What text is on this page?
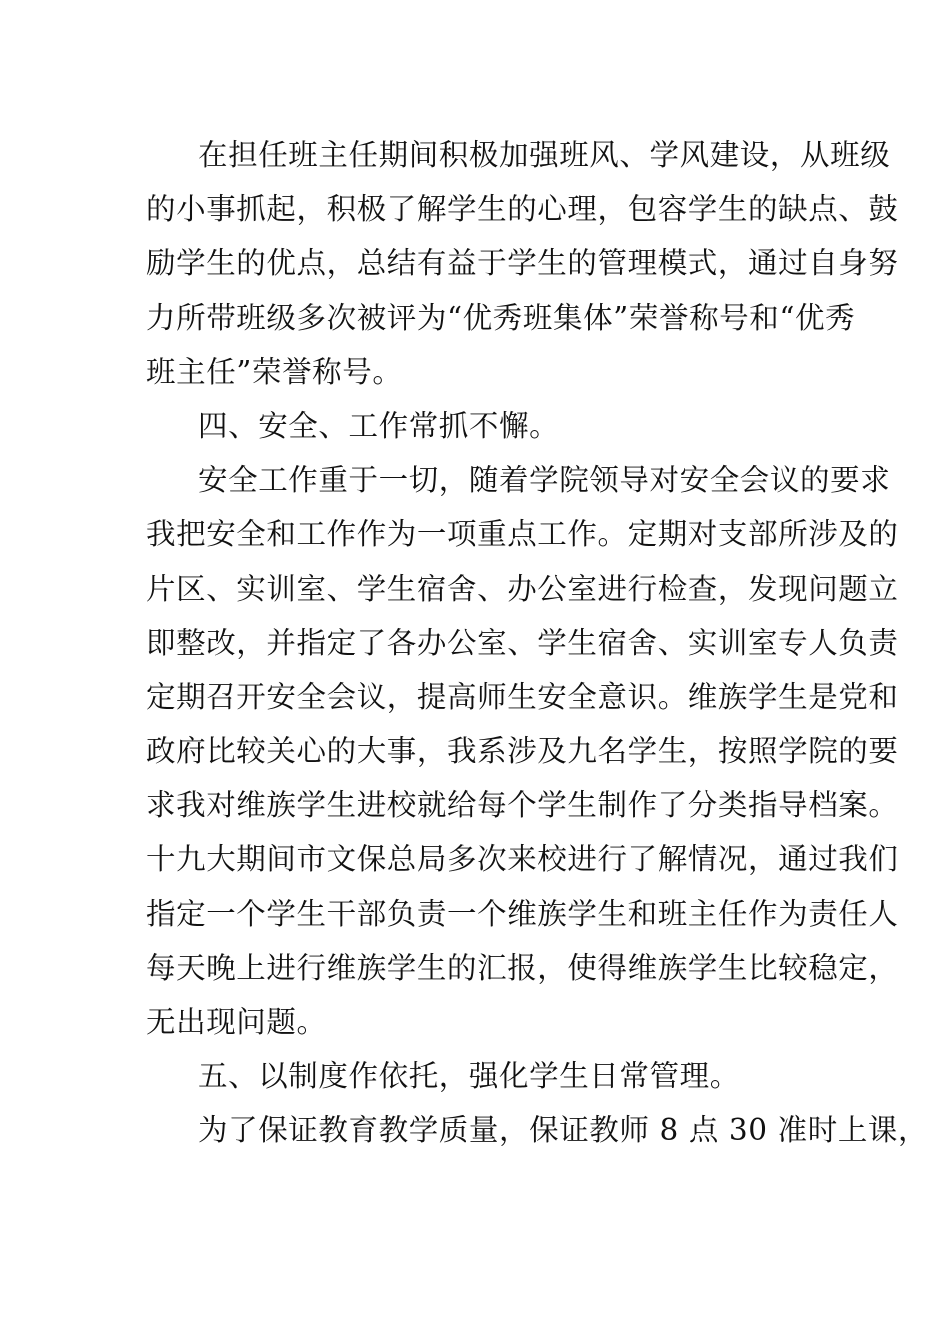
在担任班主任期间积极加强班风、学风建设，从班级
的小事抓起，积极了解学生的心理，包容学生的缺点、鼓
励学生的优点，总结有益于学生的管理模式，通过自身努
力所带班级多次被评为“优秀班集体”荣誉称号和“优秀
班主任”荣誉称号。
四、安全、工作常抓不懈。
安全工作重于一切，随着学院领导对安全会议的要求
我把安全和工作作为一项重点工作。定期对支部所涉及的
片区、实训室、学生宿舍、办公室进行检查，发现问题立
即整改，并指定了各办公室、学生宿舍、实训室专人负责
定期召开安全会议，提高师生安全意识。维族学生是党和
政府比较关心的大事，我系涉及九名学生，按照学院的要
求我对维族学生进校就给每个学生制作了分类指导档案。
十九大期间市文保总局多次来校进行了解情况，通过我们
指定一个学生干部负责一个维族学生和班主任作为责任人
每天晚上进行维族学生的汇报，使得维族学生比较稳定，
无出现问题。
五、以制度作依托，强化学生日常管理。
为了保证教育教学质量，保证教师 8 点 30 准时上课，
